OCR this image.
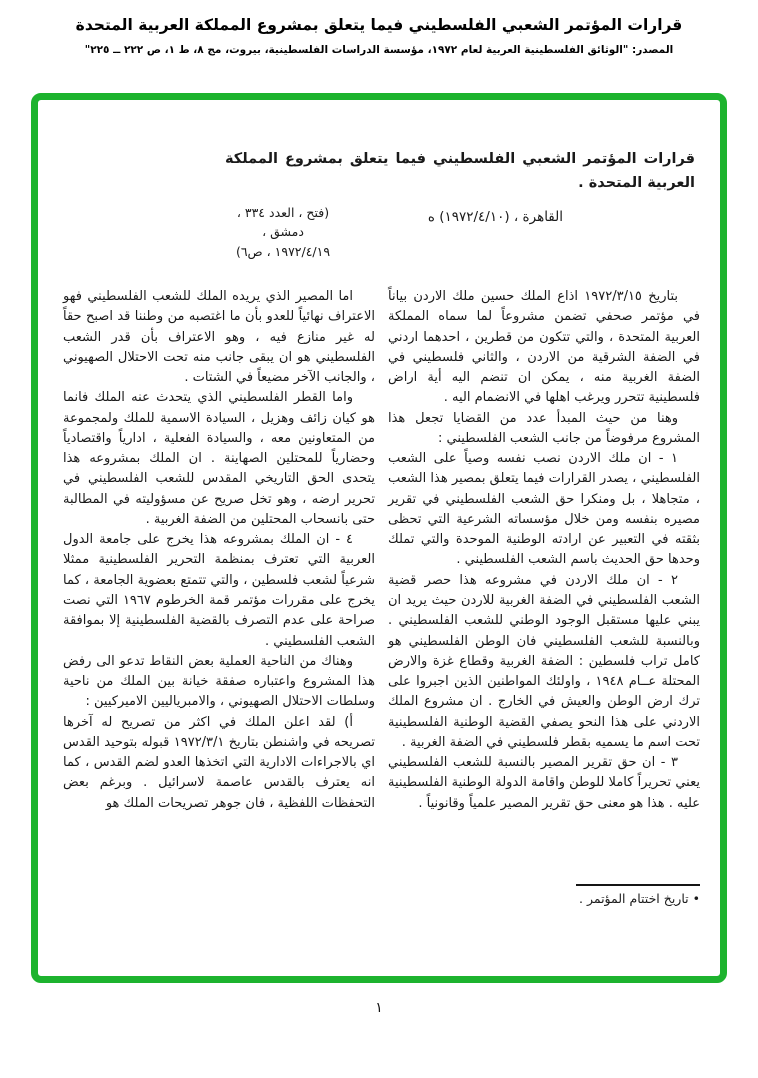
قرارات المؤتمر الشعبي الفلسطيني فيما يتعلق بمشروع المملكة العربية المتحدة
المصدر: "الوثائق الفلسطينية العربية لعام ١٩٧٢، مؤسسة الدراسات الفلسطينية، بيروت، مج ٨، ط ١، ص ٢٢٢ ــ ٢٢٥"
قرارات المؤتمر الشعبي الفلسطيني فيما يتعلق بمشروع المملكة
العربية المتحدة .
القاهرة ، (١٩٧٢/٤/١٠) ه
(فتح ، العدد ٣٣٤ ، دمشق ،
١٩٧٢/٤/١٩ ، ص٦)

بتاريخ ١٩٧٢/٣/١٥ اذاع الملك حسين ملك الاردن بياناً في مؤتمر صحفي تضمن مشروعاً لما سماه المملكة العربية المتحدة ، والتي تتكون من قطرين ، احدهما اردني في الضفة الشرقية من الاردن ، والثاني فلسطيني في الضفة الغربية منه ، يمكن ان تنضم اليه أية اراض فلسطينية تتحرر ويرغب اهلها في الانضمام اليه .

وهنا من حيث المبدأ عدد من القضايا تجعل هذا المشروع مرفوضاً من جانب الشعب الفلسطيني :

١ - ان ملك الاردن نصب نفسه وصياً على الشعب الفلسطيني ، يصدر القرارات فيما يتعلق بمصير هذا الشعب ، متجاهلا ، بل ومنكرا حق الشعب الفلسطيني في تقرير مصيره بنفسه ومن خلال مؤسساته الشرعية التي تحظى بثقته في التعبير عن ارادته الوطنية الموحدة والتي تملك وحدها حق الحديث باسم الشعب الفلسطيني .

٢ - ان ملك الاردن في مشروعه هذا حصر قضية الشعب الفلسطيني في الضفة الغربية للاردن حيث يريد ان يبني عليها مستقبل الوجود الوطني للشعب الفلسطيني . وبالنسبة للشعب الفلسطيني فان الوطن الفلسطيني هو كامل تراب فلسطين : الضفة الغربية وقطاع غزة والارض المحتلة عــام ١٩٤٨ ، واولئك المواطنين الذين اجبروا على ترك ارض الوطن والعيش في الخارج . ان مشروع الملك الاردني على هذا النحو يصفي القضية الوطنية الفلسطينية تحت اسم ما يسميه بقطر فلسطيني في الضفة الغربية .

٣ - ان حق تقرير المصير بالنسبة للشعب الفلسطيني يعني تحريراً كاملا للوطن واقامة الدولة الوطنية الفلسطينية عليه . هذا هو معنى حق تقرير المصير علمياً وقانونياً .

اما المصير الذي يريده الملك للشعب الفلسطيني فهو الاعتراف نهائياً للعدو بأن ما اغتصبه من وطننا قد اصبح حقاً له غير منازع فيه ، وهو الاعتراف بأن قدر الشعب الفلسطيني هو ان يبقى جانب منه تحت الاحتلال الصهيوني ، والجانب الآخر مضيعاً في الشتات .

واما القطر الفلسطيني الذي يتحدث عنه الملك فانما هو كيان زائف وهزيل ، السيادة الاسمية للملك ولمجموعة من المتعاونين معه ، والسيادة الفعلية ، ادارياً واقتصادياً وحضارياً للمحتلين الصهاينة . ان الملك بمشروعه هذا يتحدى الحق التاريخي المقدس للشعب الفلسطيني في تحرير ارضه ، وهو تخل صريح عن مسؤوليته في المطالبة حتى بانسحاب المحتلين من الضفة الغربية .

٤ - ان الملك بمشروعه هذا يخرج على جامعة الدول العربية التي تعترف بمنظمة التحرير الفلسطينية ممثلا شرعياً لشعب فلسطين ، والتي تتمتع بعضوية الجامعة ، كما يخرج على مقررات مؤتمر قمة الخرطوم ١٩٦٧ التي نصت صراحة على عدم التصرف بالقضية الفلسطينية إلا بموافقة الشعب الفلسطيني .

وهناك من الناحية العملية بعض النقاط تدعو الى رفض هذا المشروع واعتباره صفقة خيانة بين الملك من ناحية وسلطات الاحتلال الصهيوني ، والامبرياليين الاميركيين :

أ) لقد اعلن الملك في اكثر من تصريح له آخرها تصريحه في واشنطن بتاريخ ١٩٧٢/٣/١ قبوله بتوحيد القدس اي بالاجراءات الادارية التي اتخذها العدو لضم القدس ، كما انه يعترف بالقدس عاصمة لاسرائيل . وبرغم بعض التحفظات اللفظية ، فان جوهر تصريحات الملك هو

• تاريخ اختتام المؤتمر .
١
